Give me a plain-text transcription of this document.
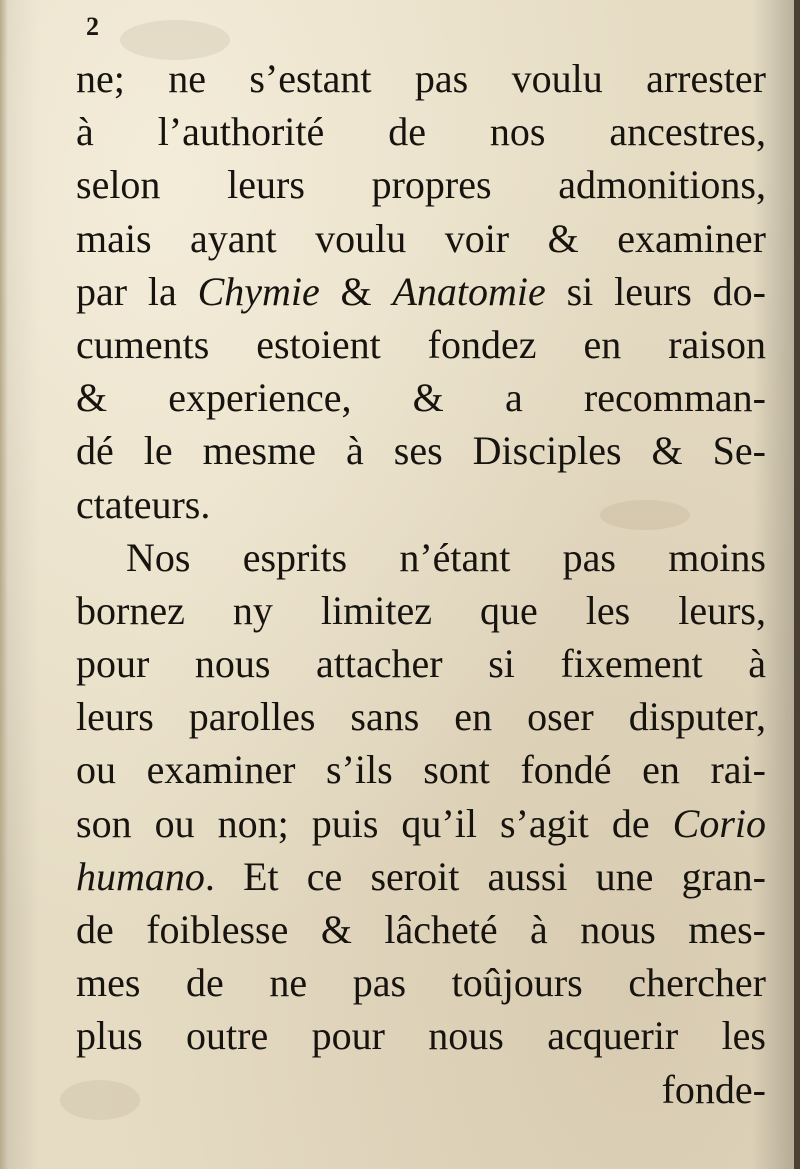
2
ne; ne s’estant pas voulu arrester
à l’authorité de nos ancestres,
selon leurs propres admonitions,
mais ayant voulu voir & examiner
par la Chymie & Anatomie si leurs do-
cuments estoient fondez en raison
& experience, & a recomman-
dé le mesme à ses Disciples & Se-
ctateurs.
Nos esprits n’étant pas moins
bornez ny limitez que les leurs,
pour nous attacher si fixement à
leurs parolles sans en oser disputer,
ou examiner s’ils sont fondé en rai-
son ou non; puis qu’il s’agit de Corio
humano. Et ce seroit aussi une gran-
de foiblesse & lâcheté à nous mes-
mes de ne pas toûjours chercher
plus outre pour nous acquerir les
fonde-
